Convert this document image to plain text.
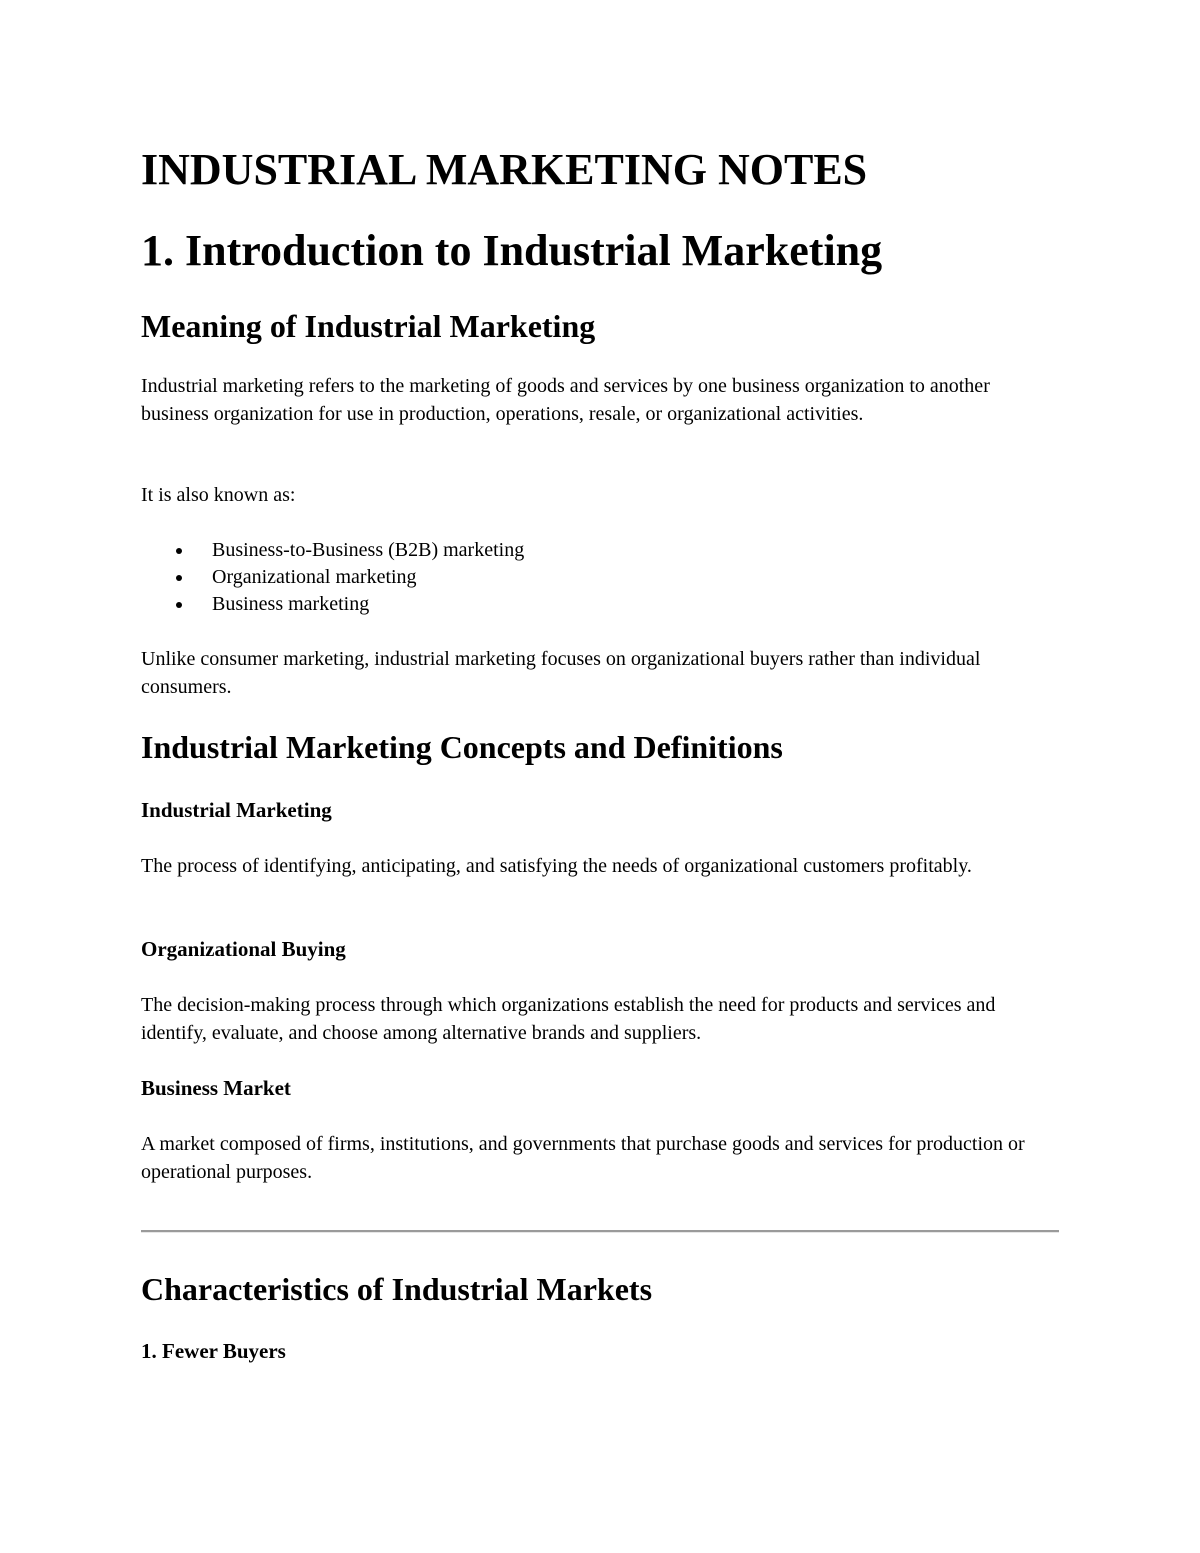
INDUSTRIAL MARKETING NOTES
1. Introduction to Industrial Marketing
Meaning of Industrial Marketing

Industrial marketing refers to the marketing of goods and services by one business organization to another business organization for use in production, operations, resale, or organizational activities.

It is also known as:

Business-to-Business (B2B) marketing
Organizational marketing
Business marketing

Unlike consumer marketing, industrial marketing focuses on organizational buyers rather than individual consumers.

Industrial Marketing Concepts and Definitions
Industrial Marketing

The process of identifying, anticipating, and satisfying the needs of organizational customers profitably.

Organizational Buying

The decision-making process through which organizations establish the need for products and services and identify, evaluate, and choose among alternative brands and suppliers.

Business Market

A market composed of firms, institutions, and governments that purchase goods and services for production or operational purposes.

Characteristics of Industrial Markets
1. Fewer Buyers
